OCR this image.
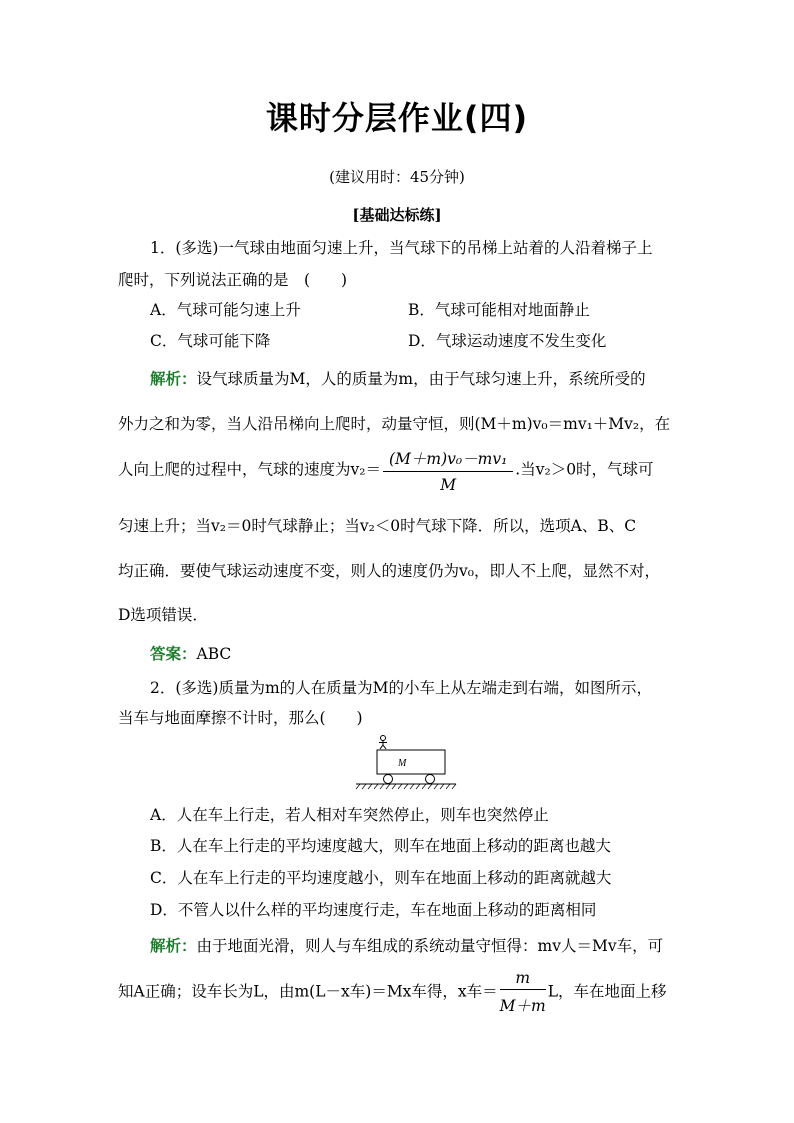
课时分层作业(四)
(建议用时：45分钟)
[基础达标练]
1．(多选)一气球由地面匀速上升，当气球下的吊梯上站着的人沿着梯子上
爬时，下列说法正确的是　(　　)
A．气球可能匀速上升	B．气球可能相对地面静止
C．气球可能下降	D．气球运动速度不发生变化
解析：设气球质量为M，人的质量为m，由于气球匀速上升，系统所受的
外力之和为零，当人沿吊梯向上爬时，动量守恒，则(M＋m)v₀＝mv₁＋Mv₂，在
人向上爬的过程中，气球的速度为$v_2= \frac{\text{(M＋m)v₀－mv₁}}{M}$ .当v₂＞0时，气球可
匀速上升；当v₂＝0时气球静止；当v₂＜0时气球下降．所以，选项A、B、C
均正确．要使气球运动速度不变，则人的速度仍为v₀，即人不上爬，显然不对，
D选项错误．
答案：ABC
2．(多选)质量为m的人在质量为M的小车上从左端走到右端，如图所示，
当车与地面摩擦不计时，那么(　　)
M
A．人在车上行走，若人相对车突然停止，则车也突然停止
B．人在车上行走的平均速度越大，则车在地面上移动的距离也越大
C．人在车上行走的平均速度越小，则车在地面上移动的距离就越大
D．不管人以什么样的平均速度行走，车在地面上移动的距离相同
解析：由于地面光滑，则人与车组成的系统动量守恒得：mv人＝Mv车，可
知A正确；设车长为L，由m(L－x车)＝Mx车得，x车＝ $\frac{m}{M+m}$ L，车在地面上移
